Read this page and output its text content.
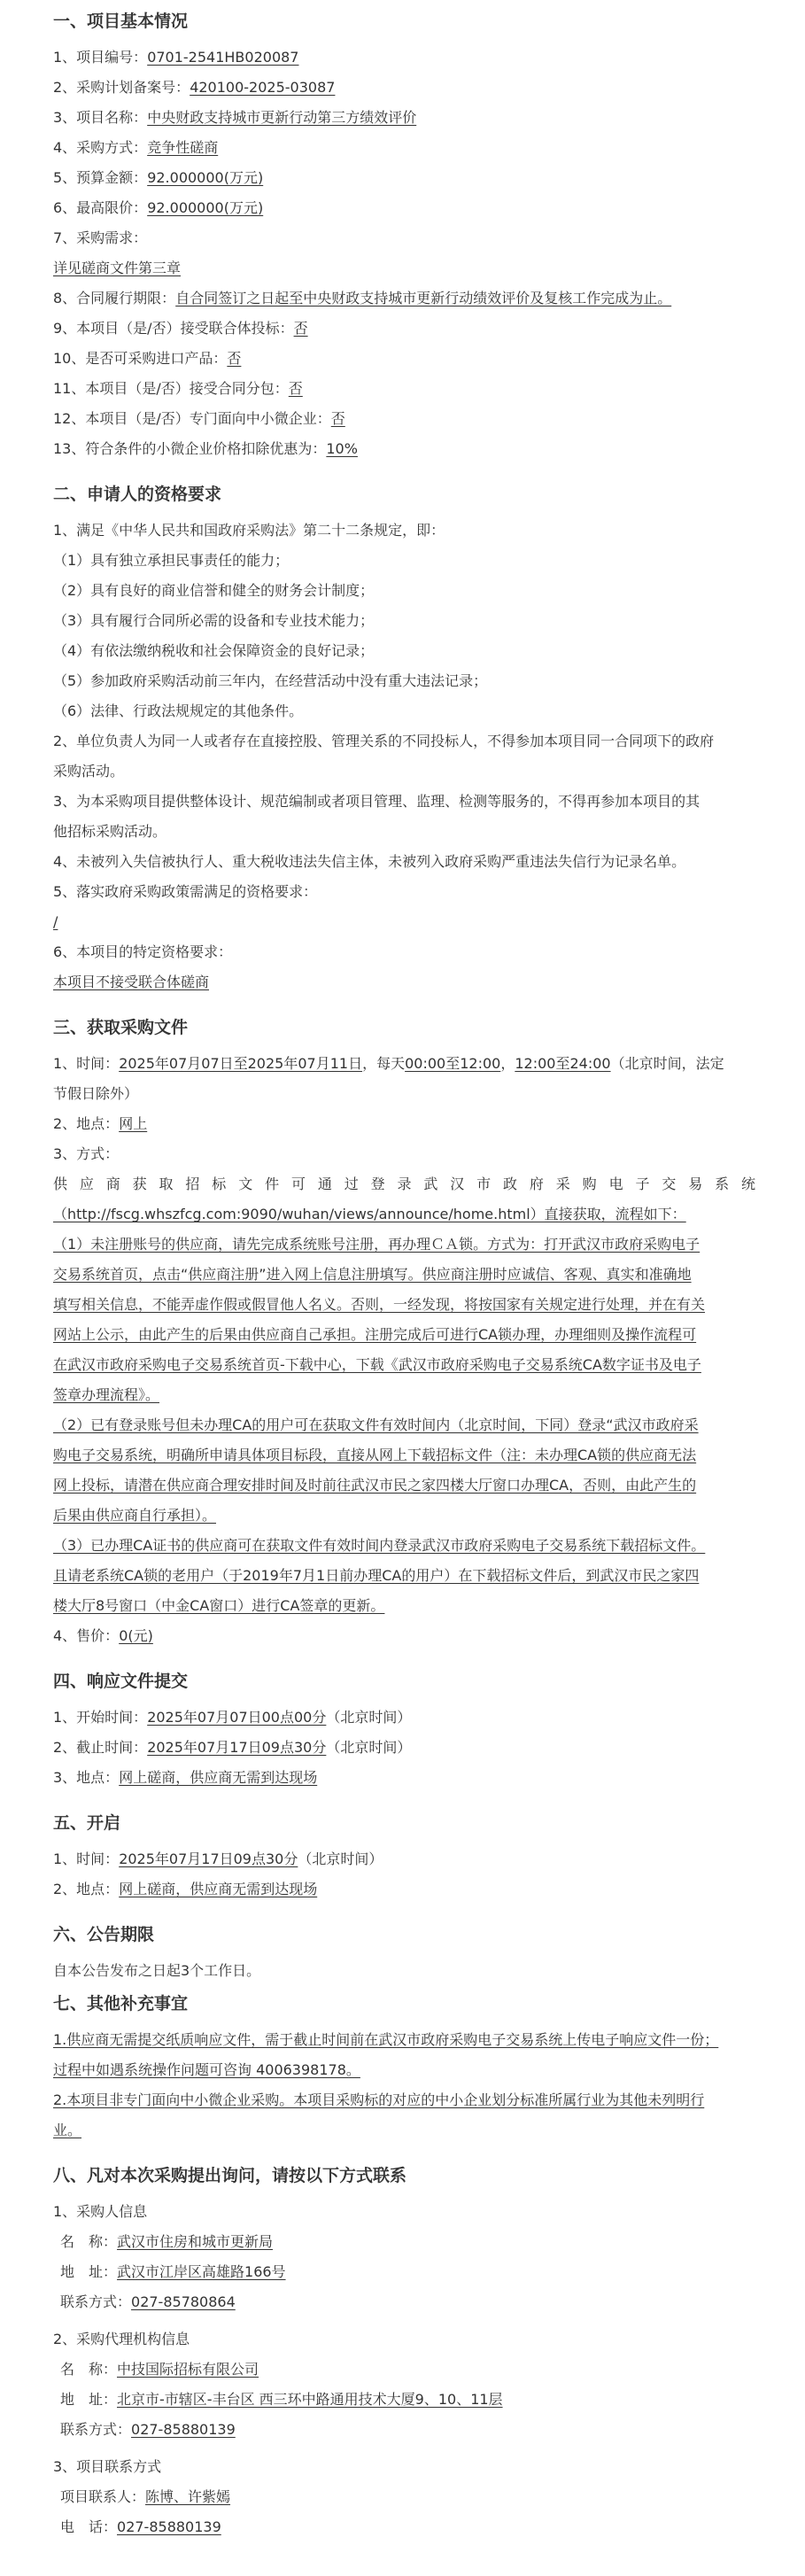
一、项目基本情况

1、项目编号：0701-2541HB020087

2、采购计划备案号：420100-2025-03087

3、项目名称：中央财政支持城市更新行动第三方绩效评价

4、采购方式：竞争性磋商

5、预算金额：92.000000(万元)

6、最高限价：92.000000(万元)

7、采购需求：

详见磋商文件第三章

8、合同履行期限：自合同签订之日起至中央财政支持城市更新行动绩效评价及复核工作完成为止。

9、本项目（是/否）接受联合体投标：否

10、是否可采购进口产品：否

11、本项目（是/否）接受合同分包：否

12、本项目（是/否）专门面向中小微企业：否

13、符合条件的小微企业价格扣除优惠为：10%

二、申请人的资格要求

1、满足《中华人民共和国政府采购法》第二十二条规定，即：

（1）具有独立承担民事责任的能力；

（2）具有良好的商业信誉和健全的财务会计制度；

（3）具有履行合同所必需的设备和专业技术能力；

（4）有依法缴纳税收和社会保障资金的良好记录；

（5）参加政府采购活动前三年内，在经营活动中没有重大违法记录；

（6）法律、行政法规规定的其他条件。

2、单位负责人为同一人或者存在直接控股、管理关系的不同投标人，不得参加本项目同一合同项下的政府

采购活动。

3、为本采购项目提供整体设计、规范编制或者项目管理、监理、检测等服务的，不得再参加本项目的其

他招标采购活动。

4、未被列入失信被执行人、重大税收违法失信主体，未被列入政府采购严重违法失信行为记录名单。

5、落实政府采购政策需满足的资格要求：

/

6、本项目的特定资格要求：

本项目不接受联合体磋商

三、获取采购文件

1、时间：2025年07月07日至2025年07月11日，每天00:00至12:00，12:00至24:00（北京时间，法定

节假日除外）

2、地点：网上

3、方式：

供应商获取招标文件可通过登录武汉市政府采购电子交易系统

（http://fscg.whszfcg.com:9090/wuhan/views/announce/home.html）直接获取，流程如下：

（1）未注册账号的供应商，请先完成系统账号注册，再办理ＣＡ锁。方式为：打开武汉市政府采购电子

交易系统首页，点击“供应商注册”进入网上信息注册填写。供应商注册时应诚信、客观、真实和准确地

填写相关信息，不能弄虚作假或假冒他人名义。否则，一经发现，将按国家有关规定进行处理，并在有关

网站上公示，由此产生的后果由供应商自己承担。注册完成后可进行CA锁办理，办理细则及操作流程可

在武汉市政府采购电子交易系统首页-下载中心，下载《武汉市政府采购电子交易系统CA数字证书及电子

签章办理流程》。

（2）已有登录账号但未办理CA的用户可在获取文件有效时间内（北京时间，下同）登录“武汉市政府采

购电子交易系统，明确所申请具体项目标段，直接从网上下载招标文件（注：未办理CA锁的供应商无法

网上投标，请潜在供应商合理安排时间及时前往武汉市民之家四楼大厅窗口办理CA，否则，由此产生的

后果由供应商自行承担）。

（3）已办理CA证书的供应商可在获取文件有效时间内登录武汉市政府采购电子交易系统下载招标文件。

且请老系统CA锁的老用户（于2019年7月1日前办理CA的用户）在下载招标文件后，到武汉市民之家四

楼大厅8号窗口（中金CA窗口）进行CA签章的更新。

4、售价：0(元)

四、响应文件提交

1、开始时间：2025年07月07日00点00分（北京时间）

2、截止时间：2025年07月17日09点30分（北京时间）

3、地点：网上磋商，供应商无需到达现场

五、开启

1、时间：2025年07月17日09点30分（北京时间）

2、地点：网上磋商，供应商无需到达现场

六、公告期限

自本公告发布之日起3个工作日。

七、其他补充事宜

1.供应商无需提交纸质响应文件，需于截止时间前在武汉市政府采购电子交易系统上传电子响应文件一份；

过程中如遇系统操作问题可咨询 4006398178。

2.本项目非专门面向中小微企业采购。本项目采购标的对应的中小企业划分标准所属行业为其他未列明行

业。

八、凡对本次采购提出询问，请按以下方式联系

1、采购人信息

名　称：武汉市住房和城市更新局

地　址：武汉市江岸区高雄路166号

联系方式：027-85780864

2、采购代理机构信息

名　称：中技国际招标有限公司

地　址：北京市-市辖区-丰台区 西三环中路通用技术大厦9、10、11层

联系方式：027-85880139

3、项目联系方式

项目联系人：陈博、许紫嫣

电　话：027-85880139
